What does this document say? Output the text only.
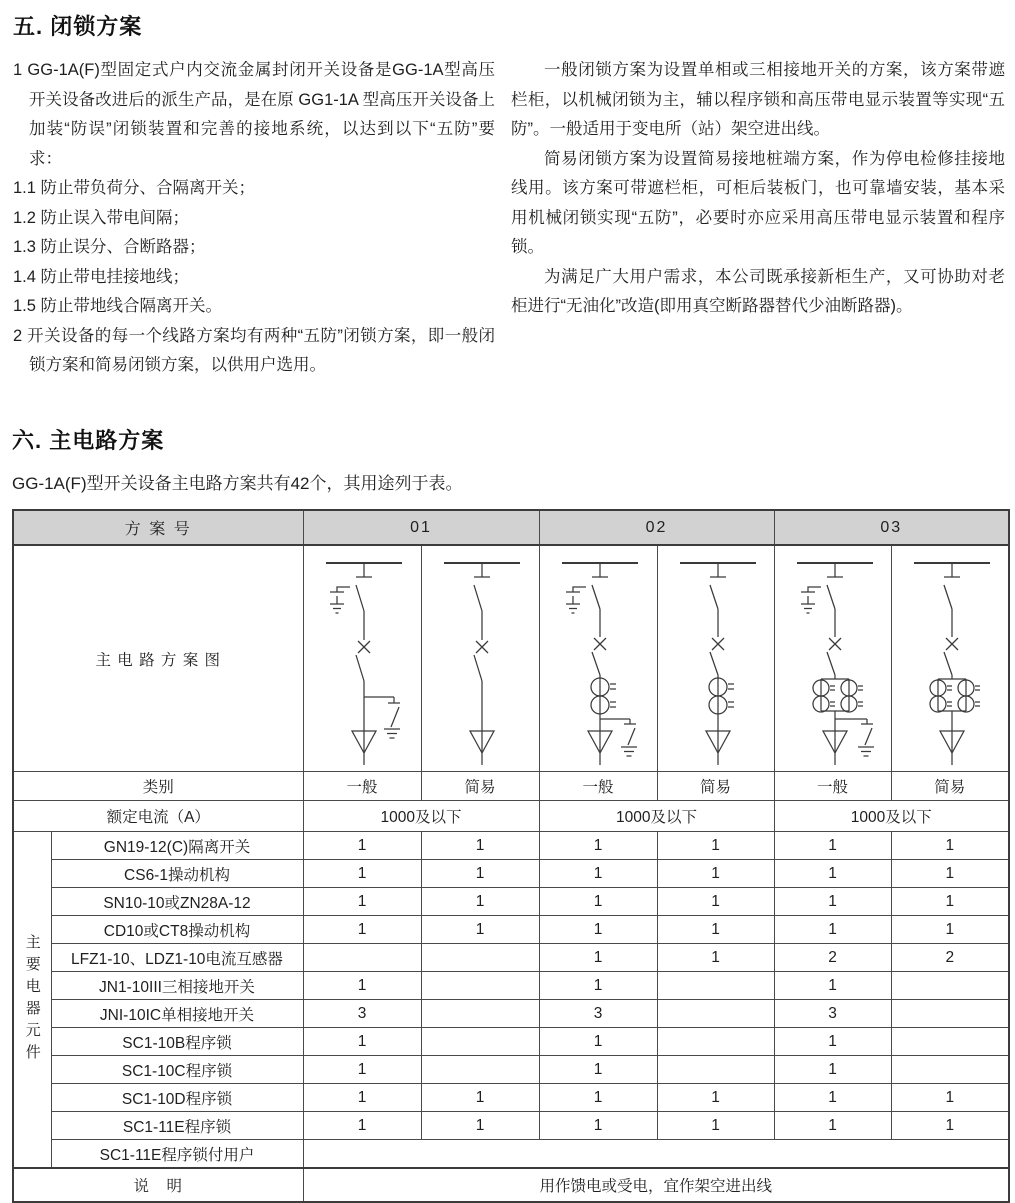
五. 闭锁方案

1 GG-1A(F)型固定式户内交流金属封闭开关设备是GG-1A型高压开关设备改进后的派生产品，是在原 GG1-1A 型高压开关设备上加装“防误”闭锁装置和完善的接地系统，以达到以下“五防”要求：

1.1 防止带负荷分、合隔离开关；

1.2 防止误入带电间隔；

1.3 防止误分、合断路器；

1.4 防止带电挂接地线；

1.5 防止带地线合隔离开关。

2 开关设备的每一个线路方案均有两种“五防”闭锁方案，即一般闭锁方案和简易闭锁方案，以供用户选用。

一般闭锁方案为设置单相或三相接地开关的方案，该方案带遮栏柜，以机械闭锁为主，辅以程序锁和高压带电显示装置等实现“五防”。一般适用于变电所（站）架空进出线。

简易闭锁方案为设置简易接地桩端方案，作为停电检修挂接地线用。该方案可带遮栏柜，可柜后装板门，也可靠墙安装，基本采用机械闭锁实现“五防”，必要时亦应采用高压带电显示装置和程序锁。

为满足广大用户需求，本公司既承接新柜生产，又可协助对老柜进行“无油化”改造(即用真空断路器替代少油断路器)。

六. 主电路方案
GG-1A(F)型开关设备主电路方案共有42个，其用途列于表。
方 案 号		01		02		03	
主 电 路 方 案 图	

类别		一般	简易	一般	简易	一般	简易
额定电流（A）		1000及以下		1000及以下		1000及以下	

主要电器元件	GN19-12(C)隔离开关	1	1	1	1	1	1
	CS6-1操动机构	1	1	1	1	1	1
	SN10-10或ZN28A-12	1	1	1	1	1	1
	CD10或CT8操动机构	1	1	1	1	1	1
	LFZ1-10、LDZ1-10电流互感器			1	1	2	2
	JN1-10III三相接地开关	1		1		1	
	JNI-10IC单相接地开关	3		3		3	
	SC1-10B程序锁	1		1		1	
	SC1-10C程序锁	1		1		1	
	SC1-10D程序锁	1	1	1	1	1	1
	SC1-11E程序锁	1	1	1	1	1	1
	SC1-11E程序锁付用户						
说　明		用作馈电或受电，宜作架空进出线					
